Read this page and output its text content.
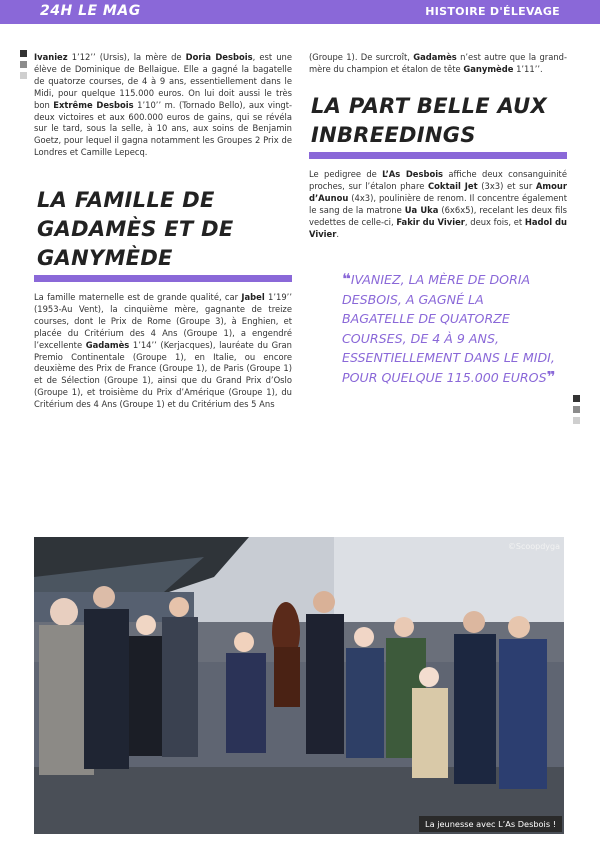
24H LE MAG	HISTOIRE D'ÉLEVAGE
Ivaniez 1’12’’ (Ursis), la mère de Doria Desbois, est une élève de Dominique de Bellaigue. Elle a gagné la bagatelle de quatorze courses, de 4 à 9 ans, essentiellement dans le Midi, pour quelque 115.000 euros. On lui doit aussi le très bon Extrême Desbois 1’10’’ m. (Tornado Bello), aux vingt-deux victoires et aux 600.000 euros de gains, qui se révéla sur le tard, sous la selle, à 10 ans, aux soins de Benjamin Goetz, pour lequel il gagna notamment les Groupes 2 Prix de Londres et Camille Lepecq.
LA FAMILLE DE
GADAMÈS ET DE
GANYMÈDE
La famille maternelle est de grande qualité, car Jabel 1’19’’ (1953-Au Vent), la cinquième mère, gagnante de treize courses, dont le Prix de Rome (Groupe 3), à Enghien, et placée du Critérium des 4 Ans (Groupe 1), a engendré l’excellente Gadamès 1’14’’ (Kerjacques), lauréate du Gran Premio Continentale (Groupe 1), en Italie, ou encore deuxième des Prix de France (Groupe 1), de Paris (Groupe 1) et de Sélection (Groupe 1), ainsi que du Grand Prix d’Oslo (Groupe 1), et troisième du Prix d’Amérique (Groupe 1), du Critérium des 4 Ans (Groupe 1) et du Critérium des 5 Ans
(Groupe 1). De surcroît, Gadamès n’est autre que la grand-mère du champion et étalon de tête Ganymède 1’11’’.
LA PART BELLE AUX
INBREEDINGS
Le pedigree de L’As Desbois affiche deux consanguinité proches, sur l’étalon phare Coktail Jet (3x3) et sur Amour d’Aunou (4x3), poulinière de renom. Il concentre également le sang de la matrone Ua Uka (6x6x5), recelant les deux fils vedettes de celle-ci, Fakir du Vivier, deux fois, et Hadol du Vivier.
❝IVANIEZ, LA MÈRE DE DORIA DESBOIS, A GAGNÉ LA BAGATELLE DE QUATORZE COURSES, DE 4 À 9 ANS, ESSENTIELLEMENT DANS LE MIDI, POUR QUELQUE 115.000 EUROS❞
©Scoopdyga
La jeunesse avec L’As Desbois !
